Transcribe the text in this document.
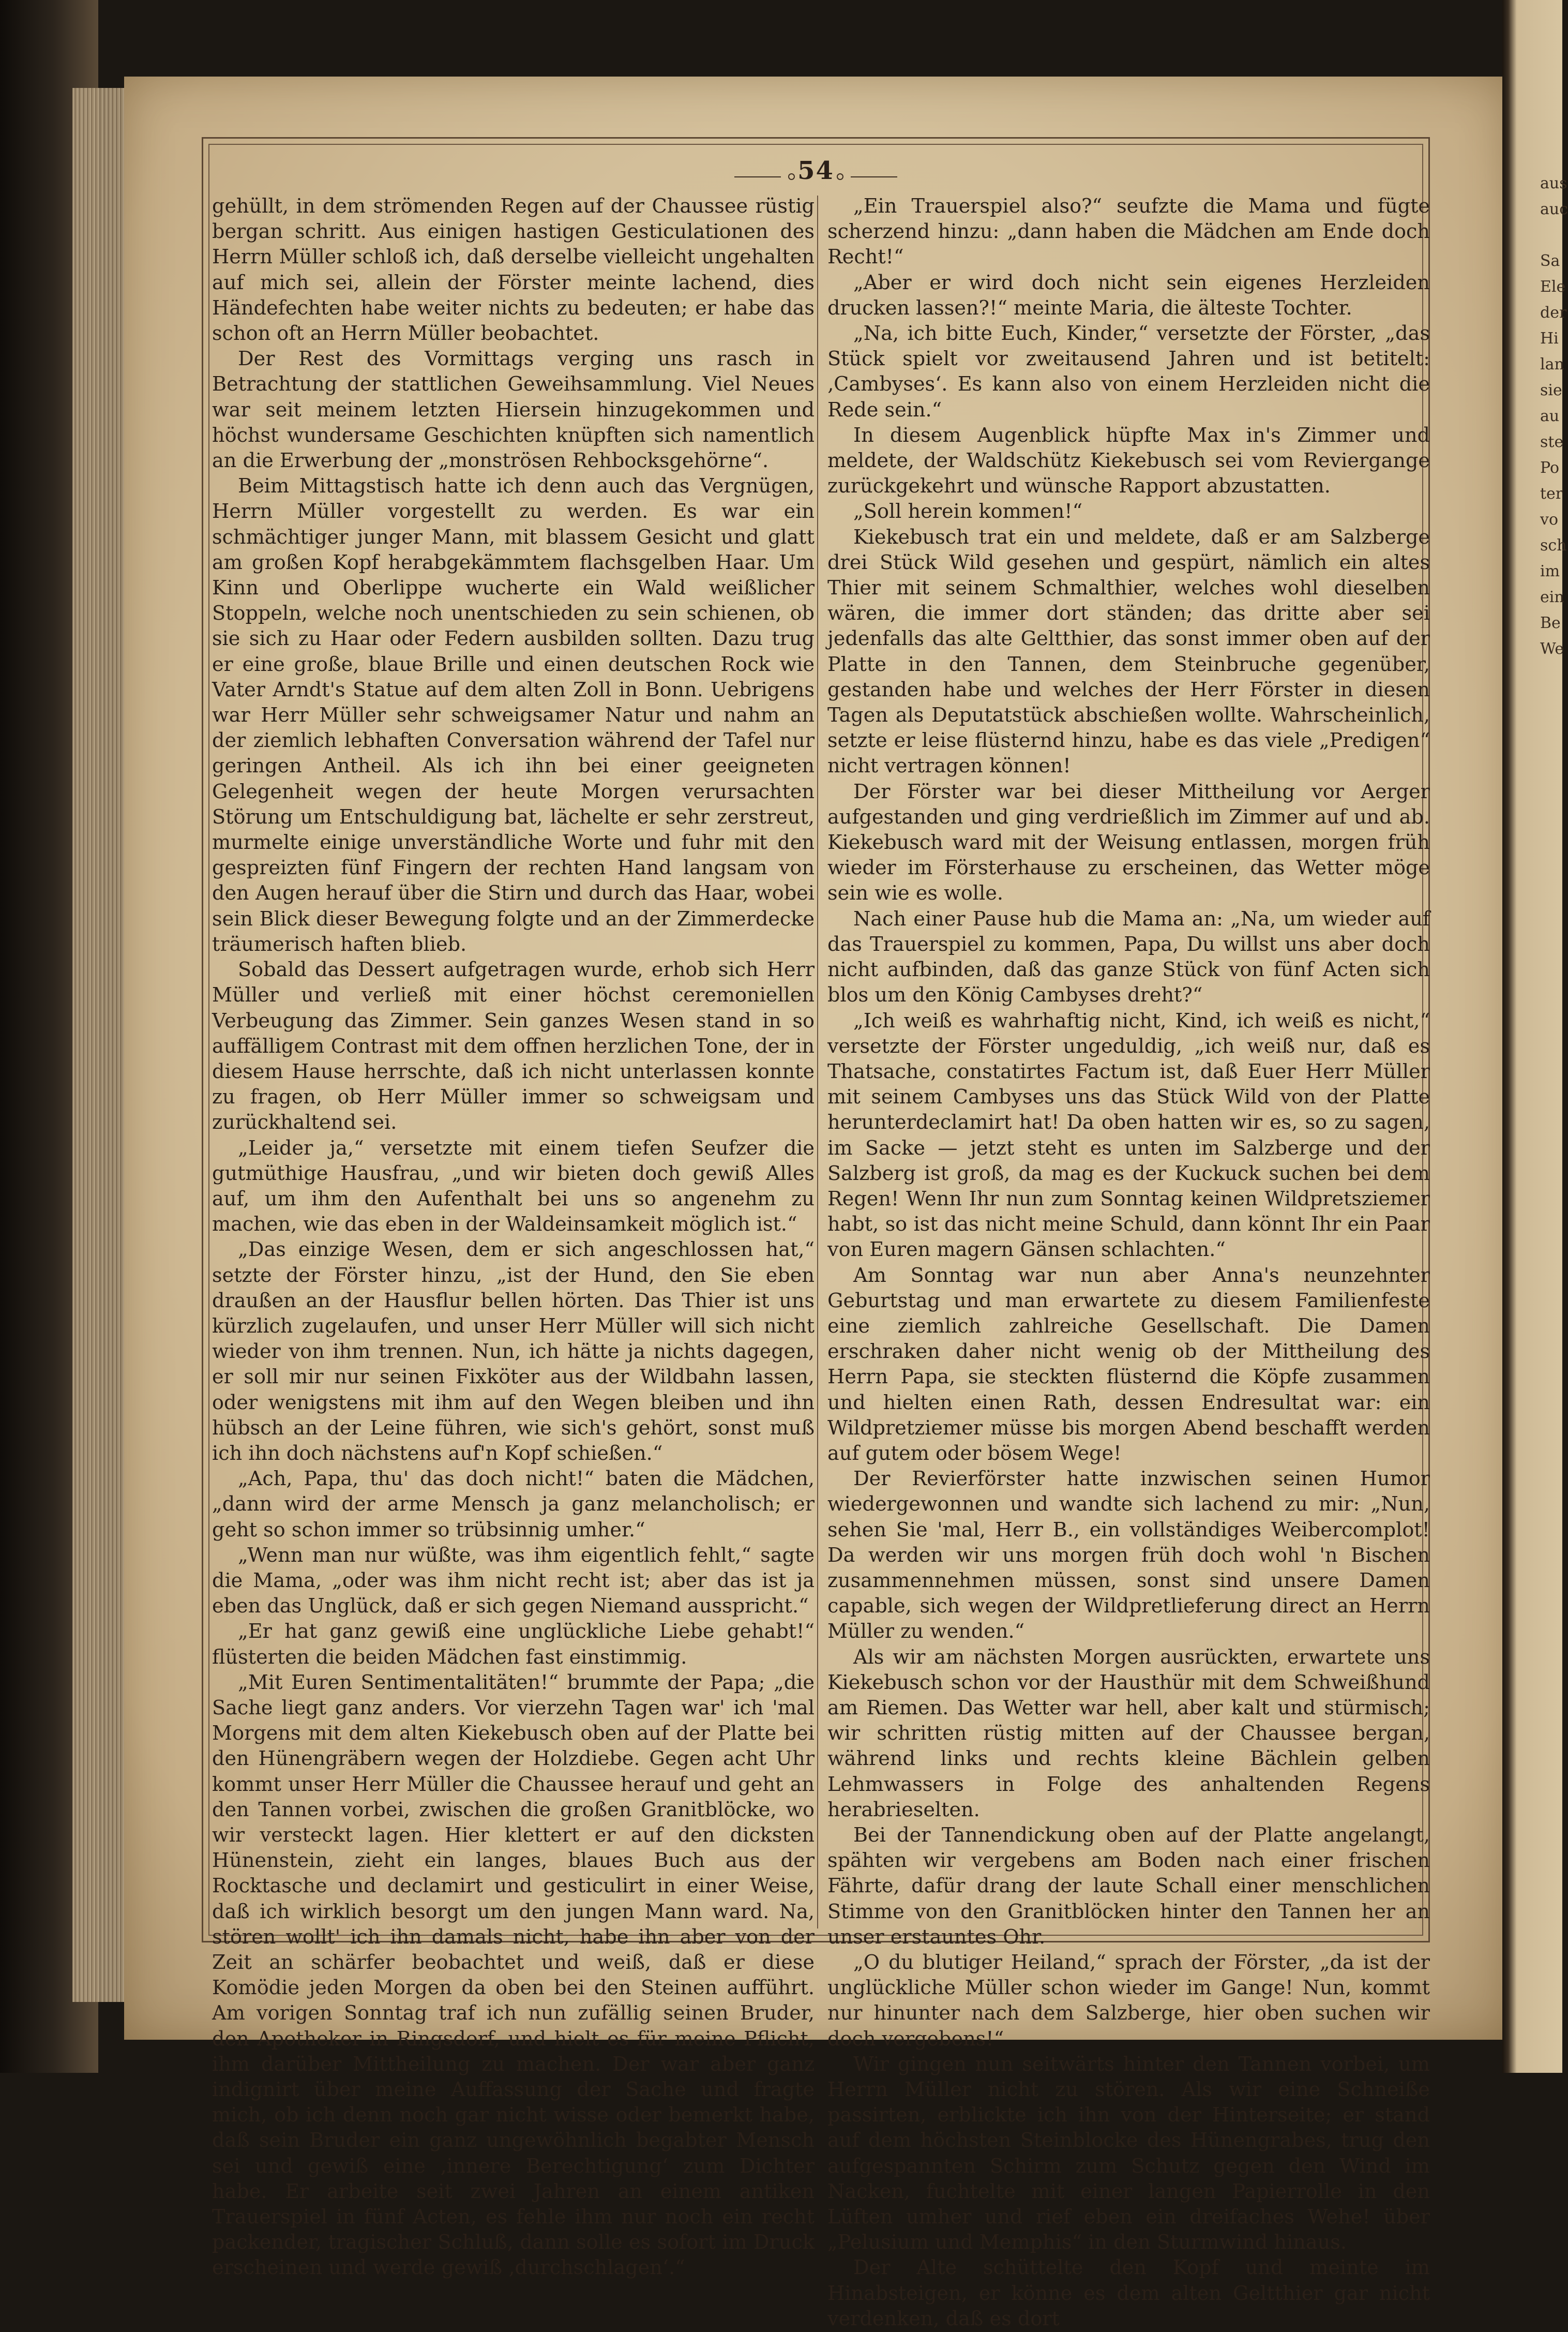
54

gehüllt, in dem strömenden Regen auf der Chaussee rüstig bergan schritt. Aus einigen hastigen Gesticulationen des Herrn Müller schloß ich, daß derselbe vielleicht ungehalten auf mich sei, allein der Förster meinte lachend, dies Händefechten habe weiter nichts zu bedeuten; er habe das schon oft an Herrn Müller beobachtet.

Der Rest des Vormittags verging uns rasch in Betrachtung der stattlichen Geweihsammlung. Viel Neues war seit meinem letzten Hiersein hinzugekommen und höchst wundersame Geschichten knüpften sich namentlich an die Erwerbung der „monströsen Rehbocksgehörne“.

Beim Mittagstisch hatte ich denn auch das Vergnügen, Herrn Müller vorgestellt zu werden. Es war ein schmächtiger junger Mann, mit blassem Gesicht und glatt am großen Kopf herabgekämmtem flachsgelben Haar. Um Kinn und Oberlippe wucherte ein Wald weißlicher Stoppeln, welche noch unentschieden zu sein schienen, ob sie sich zu Haar oder Federn ausbilden sollten. Dazu trug er eine große, blaue Brille und einen deutschen Rock wie Vater Arndt's Statue auf dem alten Zoll in Bonn. Uebrigens war Herr Müller sehr schweigsamer Natur und nahm an der ziemlich lebhaften Conversation während der Tafel nur geringen Antheil. Als ich ihn bei einer geeigneten Gelegenheit wegen der heute Morgen verursachten Störung um Entschuldigung bat, lächelte er sehr zerstreut, murmelte einige unverständliche Worte und fuhr mit den gespreizten fünf Fingern der rechten Hand langsam von den Augen herauf über die Stirn und durch das Haar, wobei sein Blick dieser Bewegung folgte und an der Zimmerdecke träumerisch haften blieb.

Sobald das Dessert aufgetragen wurde, erhob sich Herr Müller und verließ mit einer höchst ceremoniellen Verbeugung das Zimmer. Sein ganzes Wesen stand in so auffälligem Contrast mit dem offnen herzlichen Tone, der in diesem Hause herrschte, daß ich nicht unterlassen konnte zu fragen, ob Herr Müller immer so schweigsam und zurückhaltend sei.

„Leider ja,“ versetzte mit einem tiefen Seufzer die gutmüthige Hausfrau, „und wir bieten doch gewiß Alles auf, um ihm den Aufenthalt bei uns so angenehm zu machen, wie das eben in der Waldeinsamkeit möglich ist.“

„Das einzige Wesen, dem er sich angeschlossen hat,“ setzte der Förster hinzu, „ist der Hund, den Sie eben draußen an der Hausflur bellen hörten. Das Thier ist uns kürzlich zugelaufen, und unser Herr Müller will sich nicht wieder von ihm trennen. Nun, ich hätte ja nichts dagegen, er soll mir nur seinen Fixköter aus der Wildbahn lassen, oder wenigstens mit ihm auf den Wegen bleiben und ihn hübsch an der Leine führen, wie sich's gehört, sonst muß ich ihn doch nächstens auf'n Kopf schießen.“

„Ach, Papa, thu' das doch nicht!“ baten die Mädchen, „dann wird der arme Mensch ja ganz melancholisch; er geht so schon immer so trübsinnig umher.“

„Wenn man nur wüßte, was ihm eigentlich fehlt,“ sagte die Mama, „oder was ihm nicht recht ist; aber das ist ja eben das Unglück, daß er sich gegen Niemand ausspricht.“

„Er hat ganz gewiß eine unglückliche Liebe gehabt!“ flüsterten die beiden Mädchen fast einstimmig.

„Mit Euren Sentimentalitäten!“ brummte der Papa; „die Sache liegt ganz anders. Vor vierzehn Tagen war' ich 'mal Morgens mit dem alten Kiekebusch oben auf der Platte bei den Hünengräbern wegen der Holzdiebe. Gegen acht Uhr kommt unser Herr Müller die Chaussee herauf und geht an den Tannen vorbei, zwischen die großen Granitblöcke, wo wir versteckt lagen. Hier klettert er auf den dicksten Hünenstein, zieht ein langes, blaues Buch aus der Rocktasche und declamirt und gesticulirt in einer Weise, daß ich wirklich besorgt um den jungen Mann ward. Na, stören wollt' ich ihn damals nicht, habe ihn aber von der Zeit an schärfer beobachtet und weiß, daß er diese Komödie jeden Morgen da oben bei den Steinen aufführt. Am vorigen Sonntag traf ich nun zufällig seinen Bruder, den Apotheker in Ringsdorf, und hielt es für meine Pflicht, ihm darüber Mittheilung zu machen. Der war aber ganz indignirt über meine Auffassung der Sache und fragte mich, ob ich denn noch gar nicht wisse oder bemerkt habe, daß sein Bruder ein ganz ungewöhnlich begabter Mensch sei und gewiß eine ‚innere Berechtigung‘ zum Dichter habe. Er arbeite seit zwei Jahren an einem antiken Trauerspiel in fünf Acten, es fehle ihm nur noch ein recht packender, tragischer Schluß, dann solle es sofort im Druck erscheinen und werde gewiß ‚durchschlagen‘.“

„Ein Trauerspiel also?“ seufzte die Mama und fügte scherzend hinzu: „dann haben die Mädchen am Ende doch Recht!“

„Aber er wird doch nicht sein eigenes Herzleiden drucken lassen?!“ meinte Maria, die älteste Tochter.

„Na, ich bitte Euch, Kinder,“ versetzte der Förster, „das Stück spielt vor zweitausend Jahren und ist betitelt: ‚Cambyses‘. Es kann also von einem Herzleiden nicht die Rede sein.“

In diesem Augenblick hüpfte Max in's Zimmer und meldete, der Waldschütz Kiekebusch sei vom Reviergange zurückgekehrt und wünsche Rapport abzustatten.

„Soll herein kommen!“

Kiekebusch trat ein und meldete, daß er am Salzberge drei Stück Wild gesehen und gespürt, nämlich ein altes Thier mit seinem Schmalthier, welches wohl dieselben wären, die immer dort ständen; das dritte aber sei jedenfalls das alte Geltthier, das sonst immer oben auf der Platte in den Tannen, dem Steinbruche gegenüber, gestanden habe und welches der Herr Förster in diesen Tagen als Deputatstück abschießen wollte. Wahrscheinlich, setzte er leise flüsternd hinzu, habe es das viele „Predigen“ nicht vertragen können!

Der Förster war bei dieser Mittheilung vor Aerger aufgestanden und ging verdrießlich im Zimmer auf und ab. Kiekebusch ward mit der Weisung entlassen, morgen früh wieder im Försterhause zu erscheinen, das Wetter möge sein wie es wolle.

Nach einer Pause hub die Mama an: „Na, um wieder auf das Trauerspiel zu kommen, Papa, Du willst uns aber doch nicht aufbinden, daß das ganze Stück von fünf Acten sich blos um den König Cambyses dreht?“

„Ich weiß es wahrhaftig nicht, Kind, ich weiß es nicht,“ versetzte der Förster ungeduldig, „ich weiß nur, daß es Thatsache, constatirtes Factum ist, daß Euer Herr Müller mit seinem Cambyses uns das Stück Wild von der Platte herunterdeclamirt hat! Da oben hatten wir es, so zu sagen, im Sacke — jetzt steht es unten im Salzberge und der Salzberg ist groß, da mag es der Kuckuck suchen bei dem Regen! Wenn Ihr nun zum Sonntag keinen Wildpretsziemer habt, so ist das nicht meine Schuld, dann könnt Ihr ein Paar von Euren magern Gänsen schlachten.“

Am Sonntag war nun aber Anna's neunzehnter Geburtstag und man erwartete zu diesem Familienfeste eine ziemlich zahlreiche Gesellschaft. Die Damen erschraken daher nicht wenig ob der Mittheilung des Herrn Papa, sie steckten flüsternd die Köpfe zusammen und hielten einen Rath, dessen Endresultat war: ein Wildpretziemer müsse bis morgen Abend beschafft werden auf gutem oder bösem Wege!

Der Revierförster hatte inzwischen seinen Humor wiedergewonnen und wandte sich lachend zu mir: „Nun, sehen Sie 'mal, Herr B., ein vollständiges Weibercomplot! Da werden wir uns morgen früh doch wohl 'n Bischen zusammennehmen müssen, sonst sind unsere Damen capable, sich wegen der Wildpretlieferung direct an Herrn Müller zu wenden.“

Als wir am nächsten Morgen ausrückten, erwartete uns Kiekebusch schon vor der Hausthür mit dem Schweißhund am Riemen. Das Wetter war hell, aber kalt und stürmisch; wir schritten rüstig mitten auf der Chaussee bergan, während links und rechts kleine Bächlein gelben Lehmwassers in Folge des anhaltenden Regens herabrieselten.

Bei der Tannendickung oben auf der Platte angelangt, spähten wir vergebens am Boden nach einer frischen Fährte, dafür drang der laute Schall einer menschlichen Stimme von den Granitblöcken hinter den Tannen her an unser erstauntes Ohr.

„O du blutiger Heiland,“ sprach der Förster, „da ist der unglückliche Müller schon wieder im Gange! Nun, kommt nur hinunter nach dem Salzberge, hier oben suchen wir doch vergebens!“

Wir gingen nun seitwärts hinter den Tannen vorbei, um Herrn Müller nicht zu stören. Als wir eine Schneiße passirten, erblickte ich ihn von der Hinterseite; er stand auf dem höchsten Steinblocke des Hünengrabes, trug den aufgespannten Schirm zum Schutz gegen den Wind im Nacken, fuchtelte mit einer langen Papierrolle in den Lüften umher und rief eben ein dreifaches Wehe! über „Pelusium und Memphis“ in den Sturmwind hinaus.

Der Alte schüttelte den Kopf und meinte im Hinabsteigen, er könne es dem alten Geltthier gar nicht verdenken, daß es dort

aus
auc
Sa
Ele
der
Hi
lan
sie
au
ste
Po
ter
vo
sch
im
ein
Be
We
